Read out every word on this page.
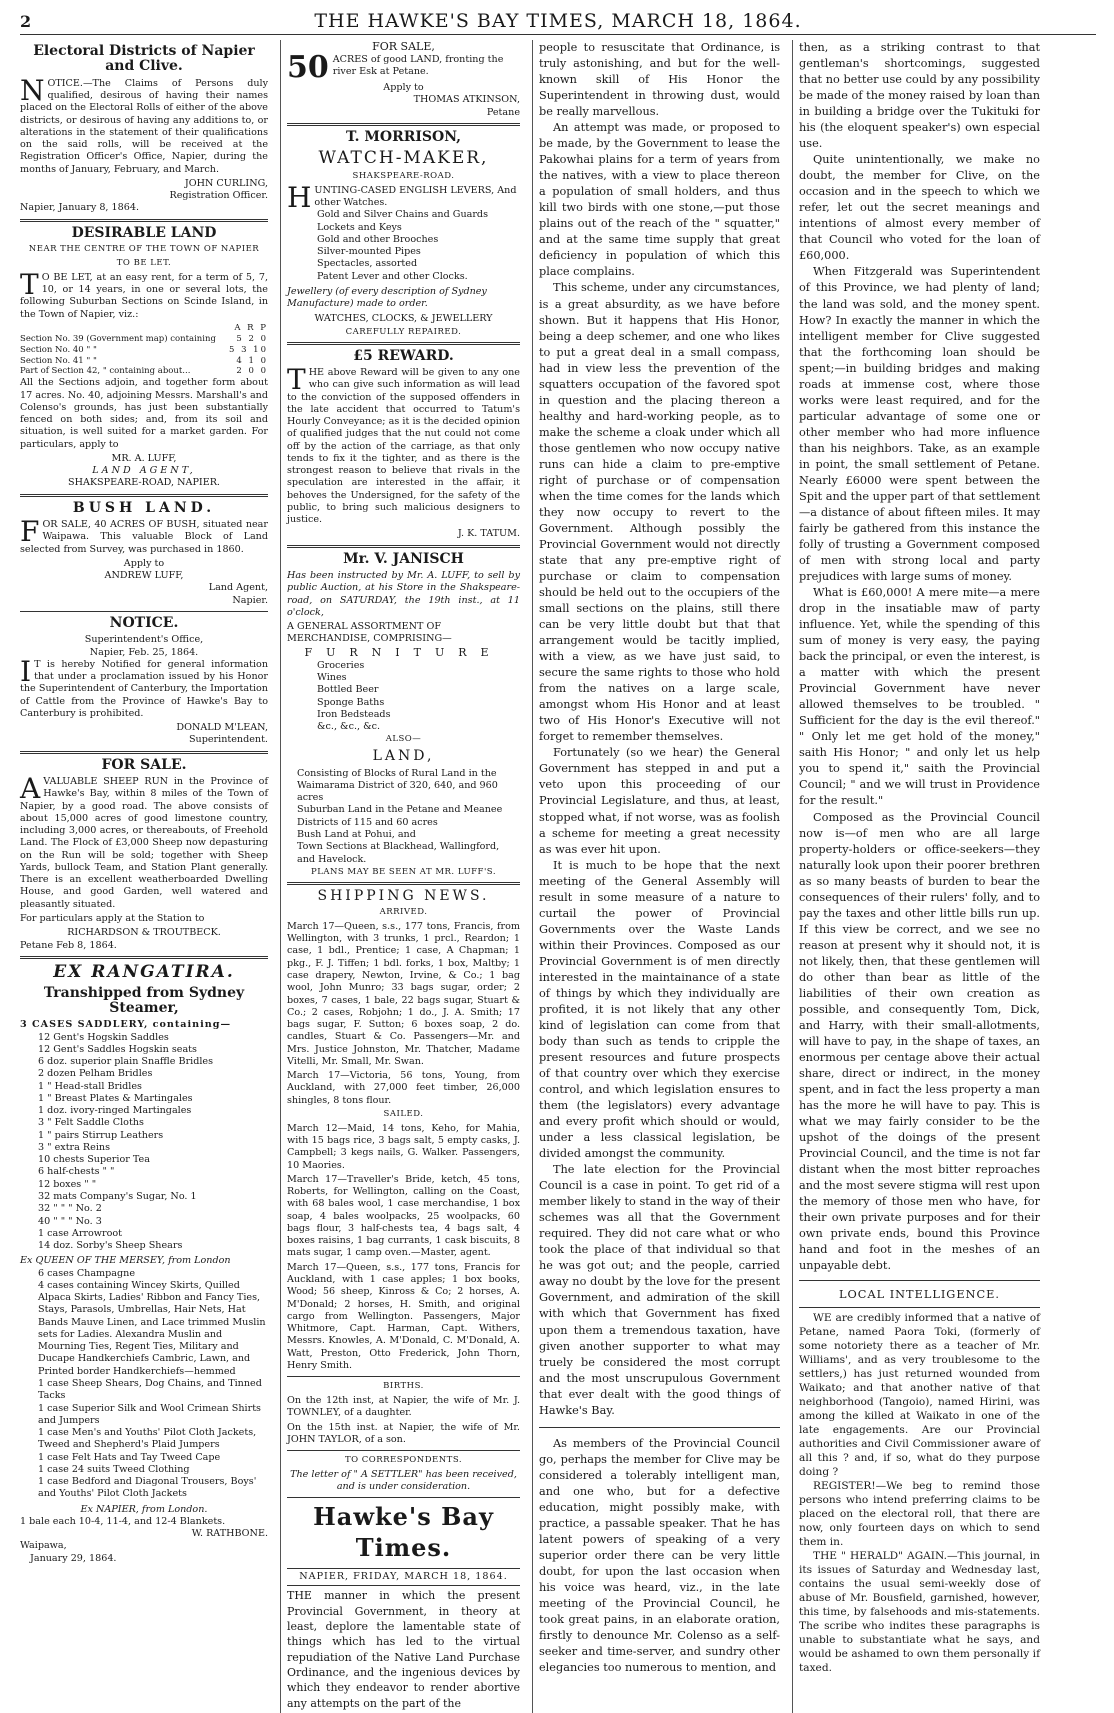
2	THE HAWKE'S BAY TIMES, MARCH 18, 1864.
Electoral Districts of Napier and Clive.

NOTICE.—The Claims of Persons duly qualified, desirous of having their names placed on the Electoral Rolls of either of the above districts, or desirous of having any additions to, or alterations in the statement of their qualifications on the said rolls, will be received at the Registration Officer's Office, Napier, during the months of January, February, and March.

JOHN CURLING,
Registration Officer.
Napier, January 8, 1864.
DESIRABLE LAND
NEAR THE CENTRE OF THE TOWN OF NAPIER
TO BE LET.

TO BE LET, at an easy rent, for a term of 5, 7, 10, or 14 years, in one or several lots, the following Suburban Sections on Scinde Island, in the Town of Napier, viz.:

	A R P
Section No. 39 (Government map) containing	5 2 0
Section No. 40 " "	5 3 10
Section No. 41 " "	4 1 0
Part of Section 42, " containing about...	2 0 0

All the Sections adjoin, and together form about 17 acres. No. 40, adjoining Messrs. Marshall's and Colenso's grounds, has just been substantially fenced on both sides; and, from its soil and situation, is well suited for a market garden. For particulars, apply to

MR. A. LUFF,
LAND AGENT,
SHAKSPEARE-ROAD, NAPIER.
BUSH LAND.

FOR SALE, 40 ACRES OF BUSH, situated near Waipawa. This valuable Block of Land selected from Survey, was purchased in 1860.

Apply to
ANDREW LUFF,
Land Agent,
Napier.
NOTICE.
Superintendent's Office,
Napier, Feb. 25, 1864.

IT is hereby Notified for general information that under a proclamation issued by his Honor the Superintendent of Canterbury, the Importation of Cattle from the Province of Hawke's Bay to Canterbury is prohibited.

DONALD M'LEAN,
Superintendent.
FOR SALE.

AVALUABLE SHEEP RUN in the Province of Hawke's Bay, within 8 miles of the Town of Napier, by a good road. The above consists of about 15,000 acres of good limestone country, including 3,000 acres, or thereabouts, of Freehold Land. The Flock of £3,000 Sheep now depasturing on the Run will be sold; together with Sheep Yards, bullock Team, and Station Plant generally. There is an excellent weatherboarded Dwelling House, and good Garden, well watered and pleasantly situated.

For particulars apply at the Station to

RICHARDSON & TROUTBECK.
Petane Feb 8, 1864.
EX RANGATIRA.
Transhipped from Sydney Steamer,
3 CASES SADDLERY, containing—
12 Gent's Hogskin Saddles
12 Gent's Saddles Hogskin seats
6 doz. superior plain Snaffle Bridles
2 dozen Pelham Bridles
1 " Head-stall Bridles
1 " Breast Plates & Martingales
1 doz. ivory-ringed Martingales
3 " Felt Saddle Cloths
1 " pairs Stirrup Leathers
3 " extra Reins
10 chests Superior Tea
6 half-chests " "
12 boxes " "
32 mats Company's Sugar, No. 1
32 " " " No. 2
40 " " " No. 3
1 case Arrowroot
14 doz. Sorby's Sheep Shears
Ex QUEEN OF THE MERSEY, from London
6 cases Champagne
4 cases containing Wincey Skirts, Quilled Alpaca Skirts, Ladies' Ribbon and Fancy Ties, Stays, Parasols, Umbrellas, Hair Nets, Hat Bands Mauve Linen, and Lace trimmed Muslin sets for Ladies. Alexandra Muslin and Mourning Ties, Regent Ties, Military and Ducape Handkerchiefs Cambric, Lawn, and Printed border Handkerchiefs—hemmed
1 case Sheep Shears, Dog Chains, and Tinned Tacks
1 case Superior Silk and Wool Crimean Shirts and Jumpers
1 case Men's and Youths' Pilot Cloth Jackets, Tweed and Shepherd's Plaid Jumpers
1 case Felt Hats and Tay Tweed Cape
1 case 24 suits Tweed Clothing
1 case Bedford and Diagonal Trousers, Boys' and Youths' Pilot Cloth Jackets
Ex NAPIER, from London.
1 bale each 10-4, 11-4, and 12-4 Blankets.
W. RATHBONE.
Waipawa,
January 29, 1864.
FOR SALE,
50 ACRES of good LAND, fronting the river Esk at Petane.
Apply to
THOMAS ATKINSON,
Petane
T. MORRISON,
WATCH-MAKER,
SHAKSPEARE-ROAD.
HUNTING-CASED ENGLISH LEVERS, And other Watches.
Gold and Silver Chains and Guards
Lockets and Keys
Gold and other Brooches
Silver-mounted Pipes
Spectacles, assorted
Patent Lever and other Clocks.
Jewellery (of every description of Sydney Manufacture) made to order.
WATCHES, CLOCKS, & JEWELLERY
CAREFULLY REPAIRED.
£5 REWARD.

THE above Reward will be given to any one who can give such information as will lead to the conviction of the supposed offenders in the late accident that occurred to Tatum's Hourly Conveyance; as it is the decided opinion of qualified judges that the nut could not come off by the action of the carriage, as that only tends to fix it the tighter, and as there is the strongest reason to believe that rivals in the speculation are interested in the affair, it behoves the Undersigned, for the safety of the public, to bring such malicious designers to justice.

J. K. TATUM.
Mr. V. JANISCH

Has been instructed by Mr. A. LUFF, to sell by public Auction, at his Store in the Shakspeare-road, on SATURDAY, the 19th inst., at 11 o'clock,

A GENERAL ASSORTMENT OF MERCHANDISE, COMPRISING—
FURNITURE
Groceries
Wines
Bottled Beer
Sponge Baths
Iron Bedsteads
&c., &c., &c.
ALSO—
LAND,
Consisting of Blocks of Rural Land in the Waimarama District of 320, 640, and 960 acres
Suburban Land in the Petane and Meanee Districts of 115 and 60 acres
Bush Land at Pohui, and
Town Sections at Blackhead, Wallingford, and Havelock.
PLANS MAY BE SEEN AT MR. LUFF'S.
SHIPPING NEWS.
ARRIVED.

March 17—Queen, s.s., 177 tons, Francis, from Wellington, with 3 trunks, 1 prcl., Reardon; 1 case, 1 bdl., Prentice; 1 case, A Chapman; 1 pkg., F. J. Tiffen; 1 bdl. forks, 1 box, Maltby; 1 case drapery, Newton, Irvine, & Co.; 1 bag wool, John Munro; 33 bags sugar, order; 2 boxes, 7 cases, 1 bale, 22 bags sugar, Stuart & Co.; 2 cases, Robjohn; 1 do., J. A. Smith; 17 bags sugar, F. Sutton; 6 boxes soap, 2 do. candles, Stuart & Co. Passengers—Mr. and Mrs. Justice Johnston, Mr. Thatcher, Madame Vitelli, Mr. Small, Mr. Swan.

March 17—Victoria, 56 tons, Young, from Auckland, with 27,000 feet timber, 26,000 shingles, 8 tons flour.

SAILED.

March 12—Maid, 14 tons, Keho, for Mahia, with 15 bags rice, 3 bags salt, 5 empty casks, J. Campbell; 3 kegs nails, G. Walker. Passengers, 10 Maories.

March 17—Traveller's Bride, ketch, 45 tons, Roberts, for Wellington, calling on the Coast, with 68 bales wool, 1 case merchandise, 1 box soap, 4 bales woolpacks, 25 woolpacks, 60 bags flour, 3 half-chests tea, 4 bags salt, 4 boxes raisins, 1 bag currants, 1 cask biscuits, 8 mats sugar, 1 camp oven.—Master, agent.

March 17—Queen, s.s., 177 tons, Francis for Auckland, with 1 case apples; 1 box books, Wood; 56 sheep, Kinross & Co; 2 horses, A. M'Donald; 2 horses, H. Smith, and original cargo from Wellington. Passengers, Major Whitmore, Capt. Harman, Capt. Withers, Messrs. Knowles, A. M'Donald, C. M'Donald, A. Watt, Preston, Otto Frederick, John Thorn, Henry Smith.

BIRTHS.

On the 12th inst, at Napier, the wife of Mr. J. TOWNLEY, of a daughter.

On the 15th inst. at Napier, the wife of Mr. JOHN TAYLOR, of a son.

TO CORRESPONDENTS.

The letter of " A SETTLER" has been received, and is under consideration.

Hawke's Bay Times.
NAPIER, FRIDAY, MARCH 18, 1864.

THE manner in which the present Provincial Government, in theory at least, deplore the lamentable state of things which has led to the virtual repudiation of the Native Land Purchase Ordinance, and the ingenious devices by which they endeavor to render abortive any attempts on the part of the

people to resuscitate that Ordinance, is truly astonishing, and but for the well-known skill of His Honor the Superintendent in throwing dust, would be really marvellous.

An attempt was made, or proposed to be made, by the Government to lease the Pakowhai plains for a term of years from the natives, with a view to place thereon a population of small holders, and thus kill two birds with one stone,—put those plains out of the reach of the " squatter," and at the same time supply that great deficiency in population of which this place complains.

This scheme, under any circumstances, is a great absurdity, as we have before shown. But it happens that His Honor, being a deep schemer, and one who likes to put a great deal in a small compass, had in view less the prevention of the squatters occupation of the favored spot in question and the placing thereon a healthy and hard-working people, as to make the scheme a cloak under which all those gentlemen who now occupy native runs can hide a claim to pre-emptive right of purchase or of compensation when the time comes for the lands which they now occupy to revert to the Government. Although possibly the Provincial Government would not directly state that any pre-emptive right of purchase or claim to compensation should be held out to the occupiers of the small sections on the plains, still there can be very little doubt but that that arrangement would be tacitly implied, with a view, as we have just said, to secure the same rights to those who hold from the natives on a large scale, amongst whom His Honor and at least two of His Honor's Executive will not forget to remember themselves.

Fortunately (so we hear) the General Government has stepped in and put a veto upon this proceeding of our Provincial Legislature, and thus, at least, stopped what, if not worse, was as foolish a scheme for meeting a great necessity as was ever hit upon.

It is much to be hope that the next meeting of the General Assembly will result in some measure of a nature to curtail the power of Provincial Governments over the Waste Lands within their Provinces. Composed as our Provincial Government is of men directly interested in the maintainance of a state of things by which they individually are profited, it is not likely that any other kind of legislation can come from that body than such as tends to cripple the present resources and future prospects of that country over which they exercise control, and which legislation ensures to them (the legislators) every advantage and every profit which should or would, under a less classical legislation, be divided amongst the community.

The late election for the Provincial Council is a case in point. To get rid of a member likely to stand in the way of their schemes was all that the Government required. They did not care what or who took the place of that individual so that he was got out; and the people, carried away no doubt by the love for the present Government, and admiration of the skill with which that Government has fixed upon them a tremendous taxation, have given another supporter to what may truely be considered the most corrupt and the most unscrupulous Government that ever dealt with the good things of Hawke's Bay.

As members of the Provincial Council go, perhaps the member for Clive may be considered a tolerably intelligent man, and one who, but for a defective education, might possibly make, with practice, a passable speaker. That he has latent powers of speaking of a very superior order there can be very little doubt, for upon the last occasion when his voice was heard, viz., in the late meeting of the Provincial Council, he took great pains, in an elaborate oration, firstly to denounce Mr. Colenso as a self-seeker and time-server, and sundry other elegancies too numerous to mention, and

then, as a striking contrast to that gentleman's shortcomings, suggested that no better use could by any possibility be made of the money raised by loan than in building a bridge over the Tukituki for his (the eloquent speaker's) own especial use.

Quite unintentionally, we make no doubt, the member for Clive, on the occasion and in the speech to which we refer, let out the secret meanings and intentions of almost every member of that Council who voted for the loan of £60,000.

When Fitzgerald was Superintendent of this Province, we had plenty of land; the land was sold, and the money spent. How? In exactly the manner in which the intelligent member for Clive suggested that the forthcoming loan should be spent;—in building bridges and making roads at immense cost, where those works were least required, and for the particular advantage of some one or other member who had more influence than his neighbors. Take, as an example in point, the small settlement of Petane. Nearly £6000 were spent between the Spit and the upper part of that settlement—a distance of about fifteen miles. It may fairly be gathered from this instance the folly of trusting a Government composed of men with strong local and party prejudices with large sums of money.

What is £60,000! A mere mite—a mere drop in the insatiable maw of party influence. Yet, while the spending of this sum of money is very easy, the paying back the principal, or even the interest, is a matter with which the present Provincial Government have never allowed themselves to be troubled. " Sufficient for the day is the evil thereof." " Only let me get hold of the money," saith His Honor; " and only let us help you to spend it," saith the Provincial Council; " and we will trust in Providence for the result."

Composed as the Provincial Council now is—of men who are all large property-holders or office-seekers—they naturally look upon their poorer brethren as so many beasts of burden to bear the consequences of their rulers' folly, and to pay the taxes and other little bills run up. If this view be correct, and we see no reason at present why it should not, it is not likely, then, that these gentlemen will do other than bear as little of the liabilities of their own creation as possible, and consequently Tom, Dick, and Harry, with their small-allotments, will have to pay, in the shape of taxes, an enormous per centage above their actual share, direct or indirect, in the money spent, and in fact the less property a man has the more he will have to pay. This is what we may fairly consider to be the upshot of the doings of the present Provincial Council, and the time is not far distant when the most bitter reproaches and the most severe stigma will rest upon the memory of those men who have, for their own private purposes and for their own private ends, bound this Province hand and foot in the meshes of an unpayable debt.

LOCAL INTELLIGENCE.

WE are credibly informed that a native of Petane, named Paora Toki, (formerly of some notoriety there as a teacher of Mr. Williams', and as very troublesome to the settlers,) has just returned wounded from Waikato; and that another native of that neighborhood (Tangoio), named Hirini, was among the killed at Waikato in one of the late engagements. Are our Provincial authorities and Civil Commissioner aware of all this ? and, if so, what do they purpose doing ?

REGISTER!—We beg to remind those persons who intend preferring claims to be placed on the electoral roll, that there are now, only fourteen days on which to send them in.

THE " HERALD" AGAIN.—This journal, in its issues of Saturday and Wednesday last, contains the usual semi-weekly dose of abuse of Mr. Bousfield, garnished, however, this time, by falsehoods and mis-statements. The scribe who indites these paragraphs is unable to substantiate what he says, and would be ashamed to own them personally if taxed.
